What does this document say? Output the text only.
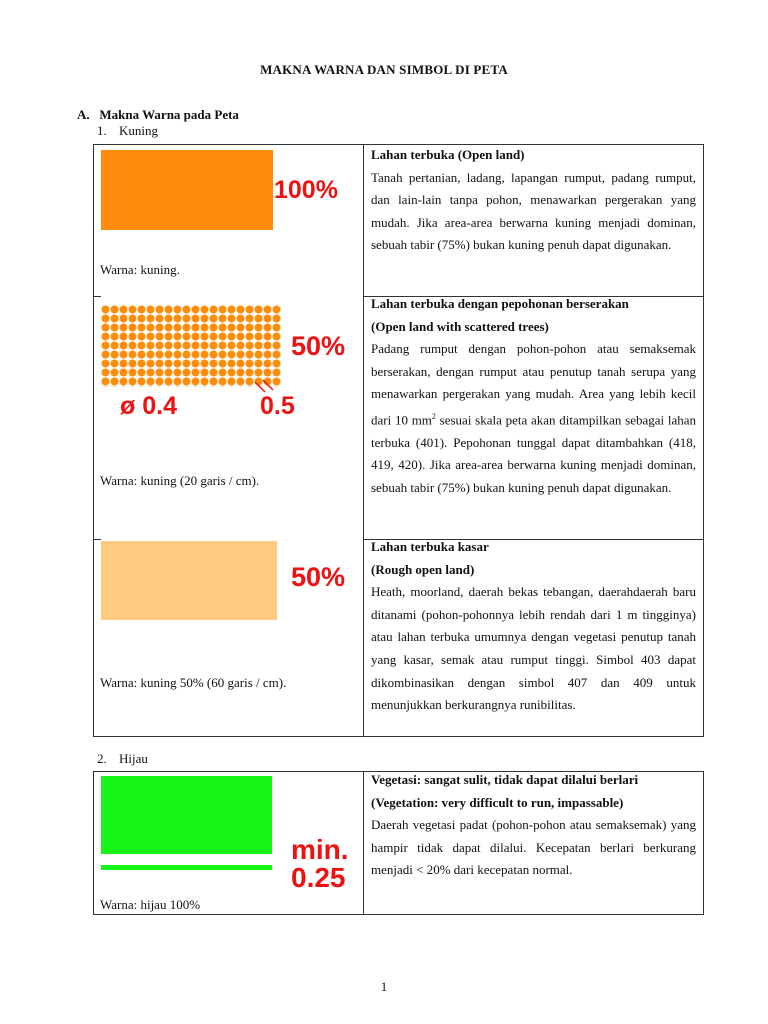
MAKNA WARNA DAN SIMBOL DI PETA
A. Makna Warna pada Peta
1. Kuning
100%
Warna: kuning.

Lahan terbuka (Open land)

Tanah pertanian, ladang, lapangan rumput, padang rumput, dan lain-lain tanpa pohon, menawarkan pergerakan yang mudah. Jika area-area berwarna kuning menjadi dominan, sebuah tabir (75%) bukan kuning penuh dapat digunakan.

50%
ø 0.4	0.5
Warna: kuning (20 garis / cm).

Lahan terbuka dengan pepohonan berserakan

(Open land with scattered trees)

Padang rumput dengan pohon-pohon atau semaksemak berserakan, dengan rumput atau penutup tanah serupa yang menawarkan pergerakan yang mudah. Area yang lebih kecil dari 10 $mm^2$ sesuai skala peta akan ditampilkan sebagai lahan terbuka (401). Pepohonan tunggal dapat ditambahkan (418, 419, 420). Jika area-area berwarna kuning menjadi dominan, sebuah tabir (75%) bukan kuning penuh dapat digunakan.

50%
Warna: kuning 50% (60 garis / cm).

Lahan terbuka kasar

(Rough open land)

Heath, moorland, daerah bekas tebangan, daerahdaerah baru ditanami (pohon-pohonnya lebih rendah dari 1 m tingginya) atau lahan terbuka umumnya dengan vegetasi penutup tanah yang kasar, semak atau rumput tinggi. Simbol 403 dapat dikombinasikan dengan simbol 407 dan 409 untuk menunjukkan berkurangnya runibilitas.

2. Hijau
min.
0.25
Warna: hijau 100%

Vegetasi: sangat sulit, tidak dapat dilalui berlari

(Vegetation: very difficult to run, impassable)

Daerah vegetasi padat (pohon-pohon atau semaksemak) yang hampir tidak dapat dilalui. Kecepatan berlari berkurang menjadi < 20% dari kecepatan normal.

1
